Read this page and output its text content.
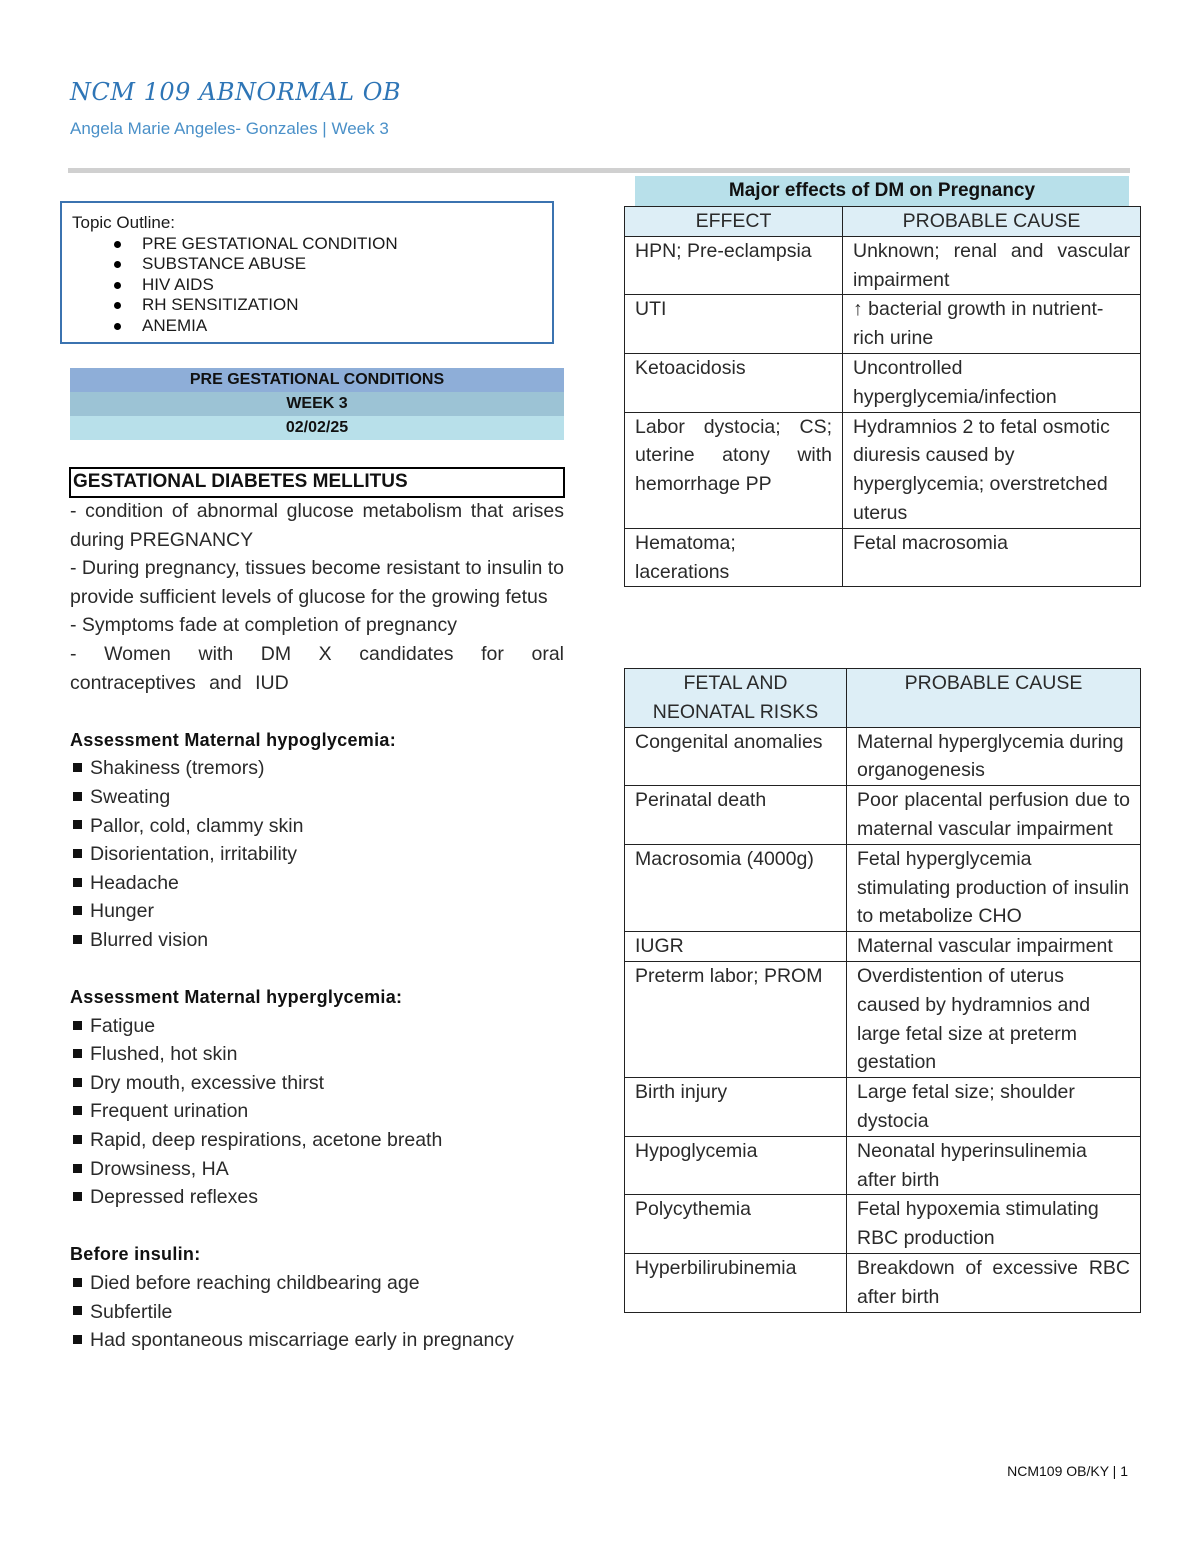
NCM 109 ABNORMAL OB

Angela Marie Angeles- Gonzales | Week 3

Topic Outline:
PRE GESTATIONAL CONDITION
SUBSTANCE ABUSE
HIV AIDS
RH SENSITIZATION
ANEMIA
PRE GESTATIONAL CONDITIONS
WEEK 3
02/02/25
GESTATIONAL DIABETES MELLITUS

- condition of abnormal glucose metabolism that arises during PREGNANCY

- During pregnancy, tissues become resistant to insulin to provide sufficient levels of glucose for the growing fetus

- Symptoms fade at completion of pregnancy

- Women with DM X candidates for oral contraceptives and IUD

Assessment Maternal hypoglycemia:

Shakiness (tremors)

Sweating

Pallor, cold, clammy skin

Disorientation, irritability

Headache

Hunger

Blurred vision

Assessment Maternal hyperglycemia:

Fatigue

Flushed, hot skin

Dry mouth, excessive thirst

Frequent urination

Rapid, deep respirations, acetone breath

Drowsiness, HA

Depressed reflexes

Before insulin:

Died before reaching childbearing age

Subfertile

Had spontaneous miscarriage early in pregnancy

Major effects of DM on Pregnancy
EFFECT	PROBABLE CAUSE
HPN; Pre-eclampsia	Unknown; renal and vascular impairment
UTI	↑ bacterial growth in nutrient-rich urine
Ketoacidosis	Uncontrolled hyperglycemia/infection
Labor dystocia; CS; uterine atony with hemorrhage PP	Hydramnios 2 to fetal osmotic diuresis caused by hyperglycemia; overstretched uterus
Hematoma; lacerations	Fetal macrosomia
FETAL AND NEONATAL RISKS	PROBABLE CAUSE
Congenital anomalies	Maternal hyperglycemia during organogenesis
Perinatal death	Poor placental perfusion due to maternal vascular impairment
Macrosomia (4000g)	Fetal hyperglycemia stimulating production of insulin to metabolize CHO
IUGR	Maternal vascular impairment
Preterm labor; PROM	Overdistention of uterus caused by hydramnios and large fetal size at preterm gestation
Birth injury	Large fetal size; shoulder dystocia
Hypoglycemia	Neonatal hyperinsulinemia after birth
Polycythemia	Fetal hypoxemia stimulating RBC production
Hyperbilirubinemia	Breakdown of excessive RBC after birth
NCM109 OB/KY | 1
